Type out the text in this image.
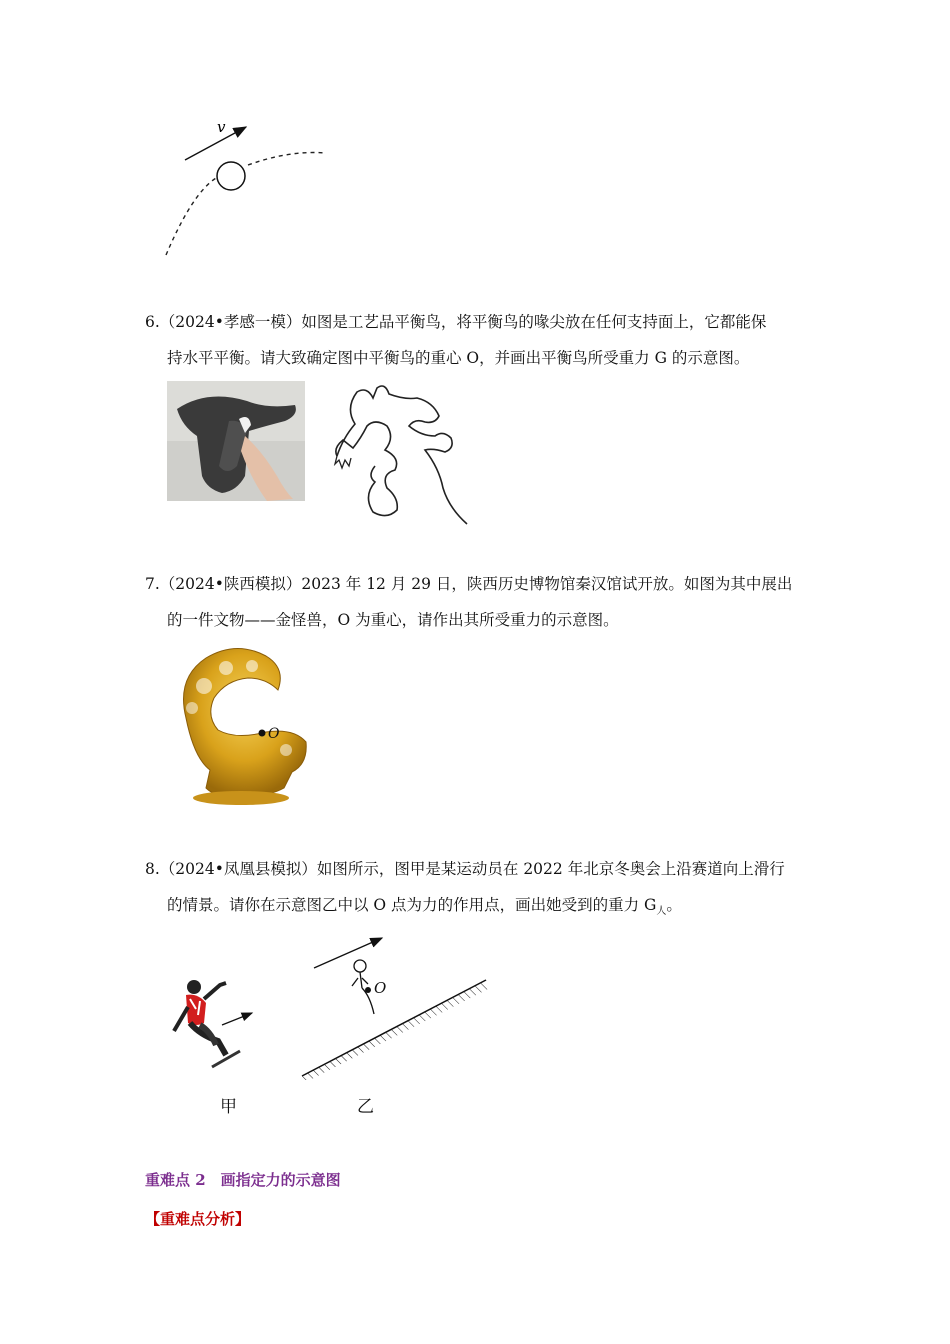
v
6.（2024•孝感一模）如图是工艺品平衡鸟，将平衡鸟的喙尖放在任何支持面上，它都能保
持水平平衡。请大致确定图中平衡鸟的重心 O，并画出平衡鸟所受重力 G 的示意图。
7.（2024•陕西模拟）2023 年 12 月 29 日，陕西历史博物馆秦汉馆试开放。如图为其中展出
的一件文物——金怪兽，O 为重心，请作出其所受重力的示意图。
O
8.（2024•凤凰县模拟）如图所示，图甲是某运动员在 2022 年北京冬奥会上沿赛道向上滑行
的情景。请你在示意图乙中以 O 点为力的作用点，画出她受到的重力 $G_人$。
O
甲	乙
重难点 2　画指定力的示意图
【重难点分析】
